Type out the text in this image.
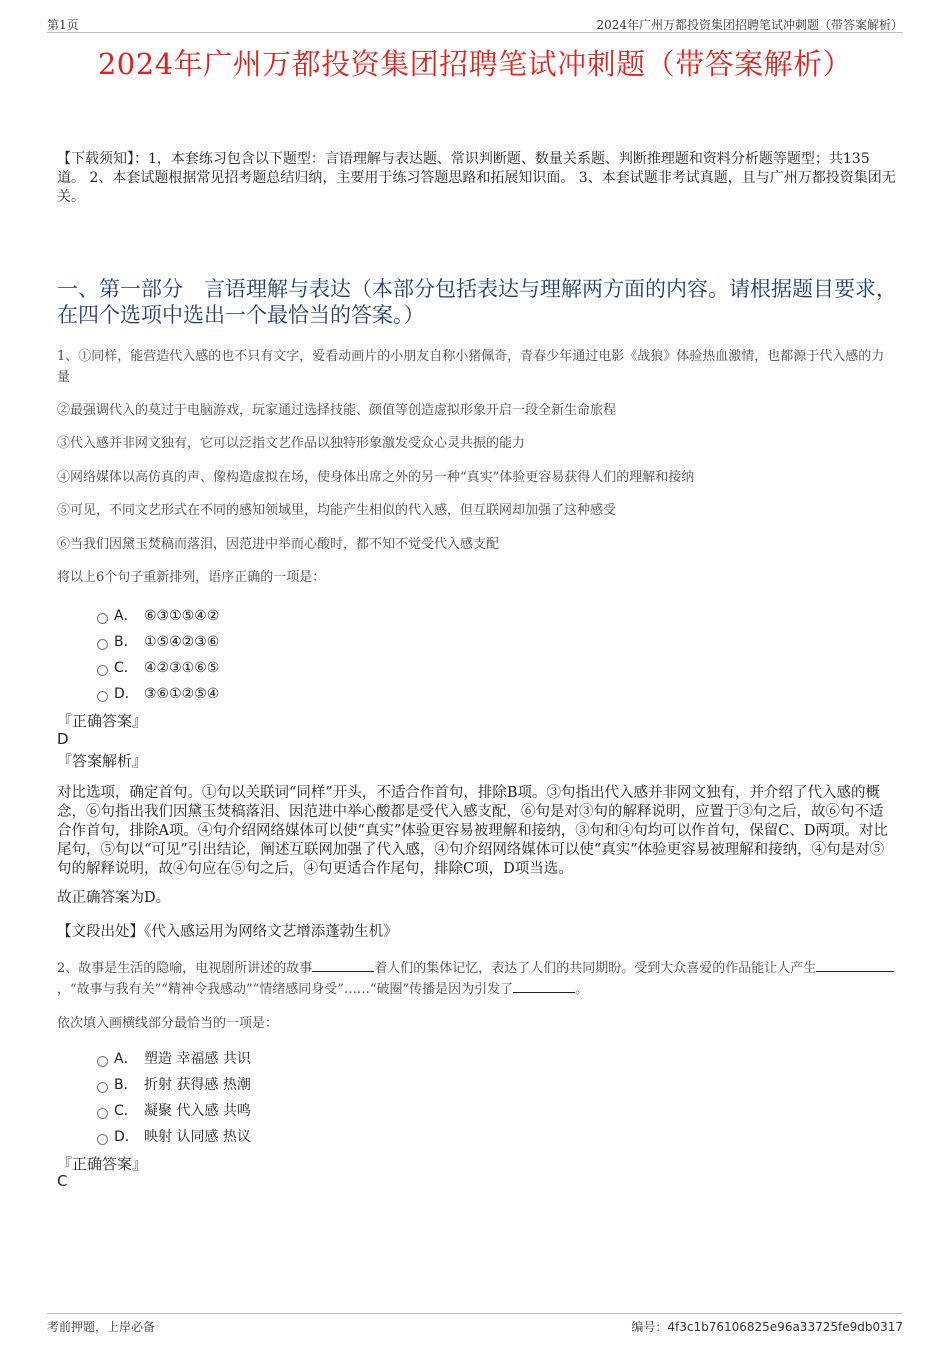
第1页	2024年广州万都投资集团招聘笔试冲刺题（带答案解析）
2024年广州万都投资集团招聘笔试冲刺题（带答案解析）
【下载须知】：1，本套练习包含以下题型：言语理解与表达题、常识判断题、数量关系题、判断推理题和资料分析题等题型；共135道。 2、本套试题根据常见招考题总结归纳，主要用于练习答题思路和拓展知识面。 3、本套试题非考试真题，且与广州万都投资集团无关。
一、第一部分　言语理解与表达（本部分包括表达与理解两方面的内容。请根据题目要求，在四个选项中选出一个最恰当的答案。）
1、①同样，能营造代入感的也不只有文字，爱看动画片的小朋友自称小猪佩奇，青春少年通过电影《战狼》体验热血激情，也都源于代入感的力量
②最强调代入的莫过于电脑游戏，玩家通过选择技能、颜值等创造虚拟形象开启一段全新生命旅程
③代入感并非网文独有，它可以泛指文艺作品以独特形象激发受众心灵共振的能力
④网络媒体以高仿真的声、像构造虚拟在场，使身体出席之外的另一种“真实”体验更容易获得人们的理解和接纳
⑤可见，不同文艺形式在不同的感知领域里，均能产生相似的代入感，但互联网却加强了这种感受
⑥当我们因黛玉焚稿而落泪，因范进中举而心酸时，都不知不觉受代入感支配
将以上6个句子重新排列，语序正确的一项是：
A． ⑥③①⑤④②
B． ①⑤④②③⑥
C． ④②③①⑥⑤
D． ③⑥①②⑤④
『正确答案』
D
『答案解析』
对比选项，确定首句。①句以关联词“同样”开头，不适合作首句，排除B项。③句指出代入感并非网文独有，并介绍了代入感的概念，⑥句指出我们因黛玉焚稿落泪、因范进中举心酸都是受代入感支配，⑥句是对③句的解释说明，应置于③句之后，故⑥句不适合作首句，排除A项。④句介绍网络媒体可以使“真实”体验更容易被理解和接纳，③句和④句均可以作首句，保留C、D两项。对比尾句，⑤句以“可见”引出结论，阐述互联网加强了代入感，④句介绍网络媒体可以使“真实”体验更容易被理解和接纳，④句是对⑤句的解释说明，故④句应在⑤句之后，④句更适合作尾句，排除C项，D项当选。
故正确答案为D。
【文段出处】《代入感运用为网络文艺增添蓬勃生机》
2、故事是生活的隐喻，电视剧所讲述的故事	着人们的集体记忆，表达了人们的共同期盼。受到大众喜爱的作品能让人产生，“故事与我有关”“精神令我感动”“情绪感同身受”……“破圈”传播是因为引发了	。
依次填入画横线部分最恰当的一项是：
A． 塑造 幸福感 共识
B． 折射 获得感 热潮
C． 凝聚 代入感 共鸣
D． 映射 认同感 热议
『正确答案』
C
考前押题，上岸必备	编号：4f3c1b76106825e96a33725fe9db0317
